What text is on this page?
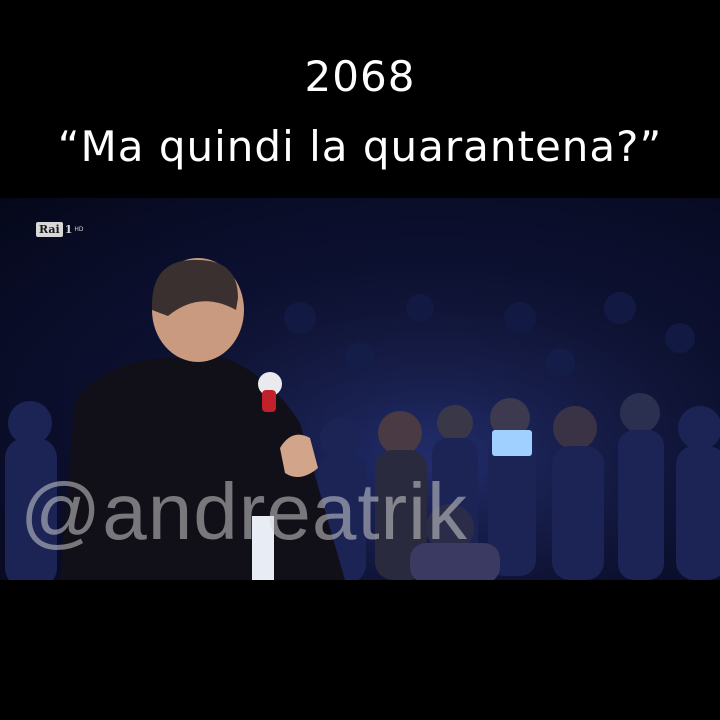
2068
“Ma quindi la quarantena?”
Rai 1 HD
@andreatrik
